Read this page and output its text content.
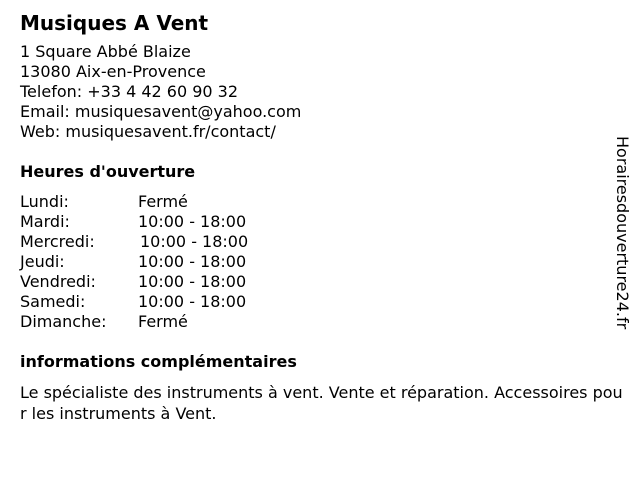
Musiques A Vent
1 Square Abbé Blaize
13080 Aix-en-Provence
Telefon: +33 4 42 60 90 32
Email: musiquesavent@yahoo.com
Web: musiquesavent.fr/contact/
Heures d'ouverture
Lundi:	Fermé
Mardi:	10:00 - 18:00
Mercredi:	10:00 - 18:00
Jeudi:	10:00 - 18:00
Vendredi:	10:00 - 18:00
Samedi:	10:00 - 18:00
Dimanche:	Fermé
informations complémentaires
Le spécialiste des instruments à vent. Vente et réparation. Accessoires pour les instruments à Vent.
Horairesdouverture24.fr
